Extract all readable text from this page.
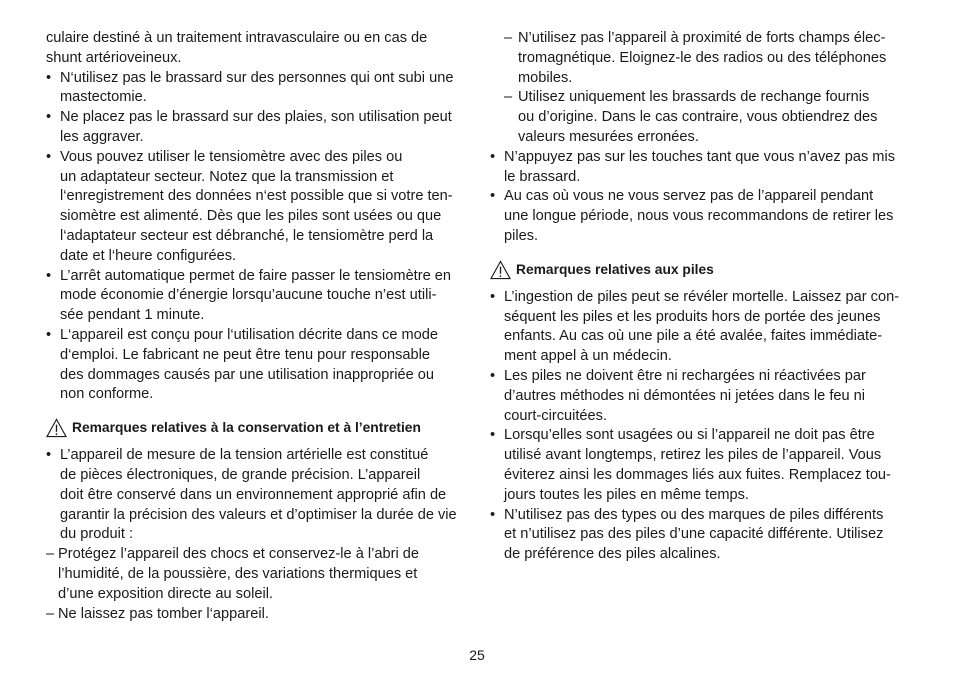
culaire destiné à un traitement intravasculaire ou en cas de
shunt artérioveineux.
• N‘utilisez pas le brassard sur des personnes qui ont subi une
mastectomie.
• Ne placez pas le brassard sur des plaies, son utilisation peut
les aggraver.
• Vous pouvez utiliser le tensiomètre avec des piles ou
un adaptateur secteur. Notez que la transmission et
l‘enregistrement des données n‘est possible que si votre ten-
siomètre est alimenté. Dès que les piles sont usées ou que
l‘adaptateur secteur est débranché, le tensiomètre perd la
date et l‘heure configurées.
• L’arrêt automatique permet de faire passer le tensiomètre en
mode économie d’énergie lorsqu’aucune touche n’est utili-
sée pendant 1 minute.
• L‘appareil est conçu pour l‘utilisation décrite dans ce mode
d‘emploi. Le fabricant ne peut être tenu pour responsable
des dommages causés par une utilisation inappropriée ou
non conforme.
Remarques relatives à la conservation et à l’entretien
• L’appareil de mesure de la tension artérielle est constitué
de pièces électroniques, de grande précision. L’appareil
doit être conservé dans un environnement approprié afin de
garantir la précision des valeurs et d’optimiser la durée de vie
du produit :
– Protégez l’appareil des chocs et conservez-le à l’abri de
l’humidité, de la poussière, des variations thermiques et
d’une exposition directe au soleil.
– Ne laissez pas tomber l‘appareil.
– N’utilisez pas l’appareil à proximité de forts champs élec-
tromagnétique. Eloignez-le des radios ou des téléphones
mobiles.
– Utilisez uniquement les brassards de rechange fournis
ou d’origine. Dans le cas contraire, vous obtiendrez des
valeurs mesurées erronées.
• N’appuyez pas sur les touches tant que vous n’avez pas mis
le brassard.
• Au cas où vous ne vous servez pas de l’appareil pendant
une longue période, nous vous recommandons de retirer les
piles.
Remarques relatives aux piles
• L’ingestion de piles peut se révéler mortelle. Laissez par con-
séquent les piles et les produits hors de portée des jeunes
enfants. Au cas où une pile a été avalée, faites immédiate-
ment appel à un médecin.
• Les piles ne doivent être ni rechargées ni réactivées par
d’autres méthodes ni démontées ni jetées dans le feu ni
court-circuitées.
• Lorsqu’elles sont usagées ou si l’appareil ne doit pas être
utilisé avant longtemps, retirez les piles de l’appareil. Vous
éviterez ainsi les dommages liés aux fuites. Remplacez tou-
jours toutes les piles en même temps.
• N’utilisez pas des types ou des marques de piles différents
et n’utilisez pas des piles d’une capacité différente. Utilisez
de préférence des piles alcalines.
25
